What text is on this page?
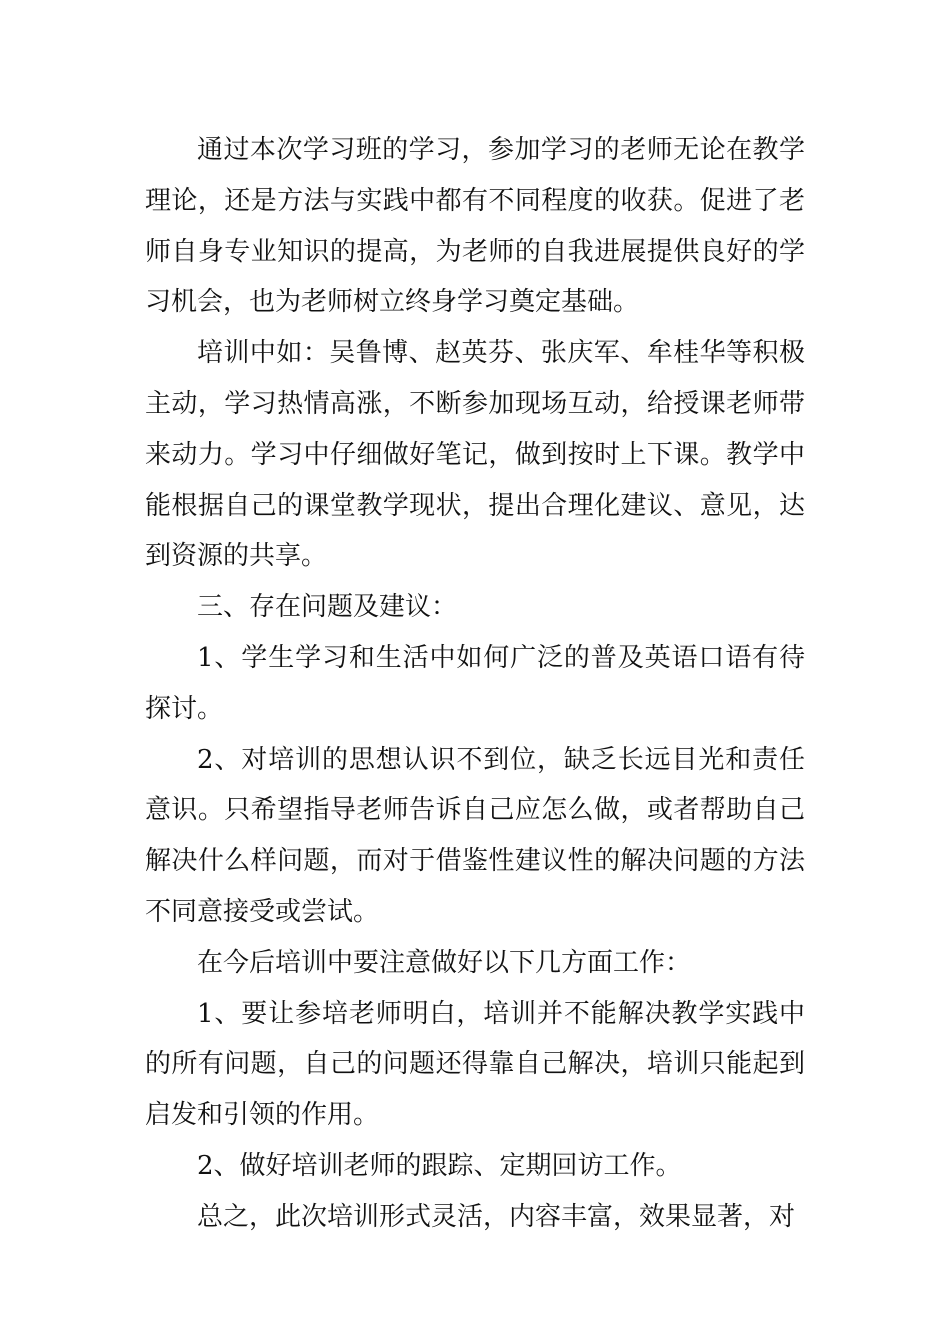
通过本次学习班的学习，参加学习的老师无论在教学理论，还是方法与实践中都有不同程度的收获。促进了老师自身专业知识的提高，为老师的自我进展提供良好的学习机会，也为老师树立终身学习奠定基础。

培训中如：吴鲁博、赵英芬、张庆军、牟桂华等积极主动，学习热情高涨，不断参加现场互动，给授课老师带来动力。学习中仔细做好笔记，做到按时上下课。教学中能根据自己的课堂教学现状，提出合理化建议、意见，达到资源的共享。

三、存在问题及建议：

1、学生学习和生活中如何广泛的普及英语口语有待探讨。

2、对培训的思想认识不到位，缺乏长远目光和责任意识。只希望指导老师告诉自己应怎么做，或者帮助自己解决什么样问题，而对于借鉴性建议性的解决问题的方法不同意接受或尝试。

在今后培训中要注意做好以下几方面工作：

1、要让参培老师明白，培训并不能解决教学实践中的所有问题，自己的问题还得靠自己解决，培训只能起到启发和引领的作用。

2、做好培训老师的跟踪、定期回访工作。

总之，此次培训形式灵活，内容丰富，效果显著，对
